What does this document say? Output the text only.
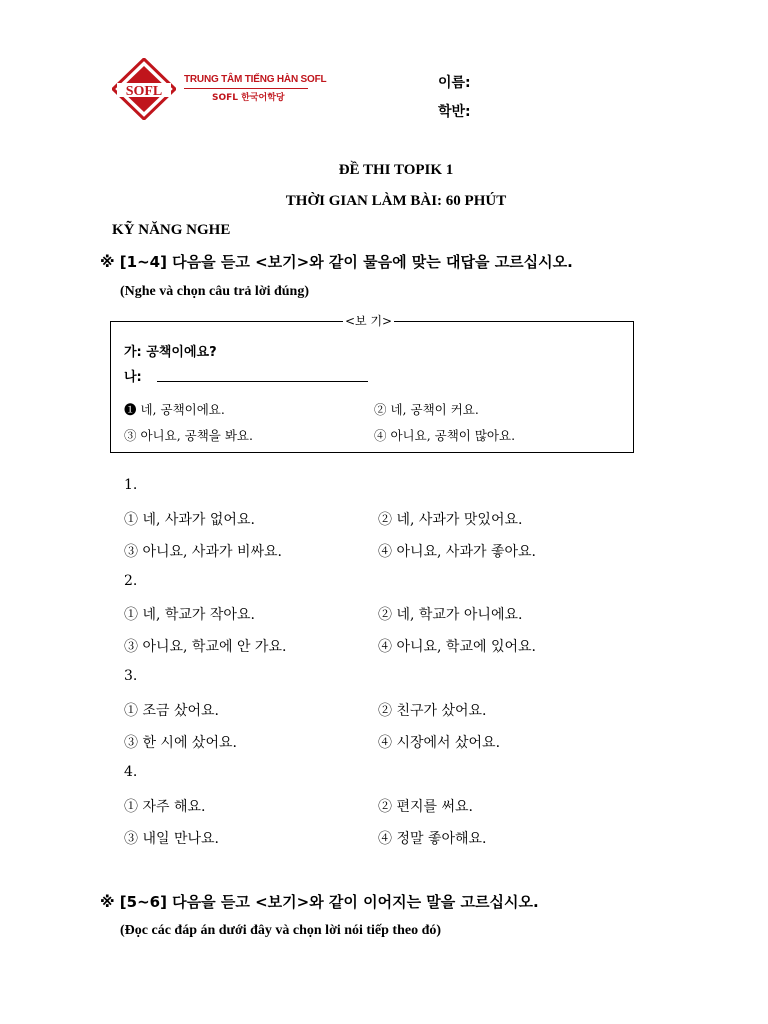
SOFL
TRUNG TÂM TIẾNG HÀN SOFL
SOFL 한국어학당
이름:
학반:
ĐỀ THI TOPIK 1
THỜI GIAN LÀM BÀI: 60 PHÚT
KỸ NĂNG NGHE
※ [1~4] 다음을 듣고 <보기>와 같이 물음에 맞는 대답을 고르십시오.
(Nghe và chọn câu trả lời đúng)
<보 기>
가: 공책이에요?
나:
❶ 네, 공책이에요.	② 네, 공책이 커요.
③ 아니요, 공책을 봐요.	④ 아니요, 공책이 많아요.
1.
① 네, 사과가 없어요.	② 네, 사과가 맛있어요.
③ 아니요, 사과가 비싸요.	④ 아니요, 사과가 좋아요.
2.
① 네, 학교가 작아요.	② 네, 학교가 아니에요.
③ 아니요, 학교에 안 가요.	④ 아니요, 학교에 있어요.
3.
① 조금 샀어요.	② 친구가 샀어요.
③ 한 시에 샀어요.	④ 시장에서 샀어요.
4.
① 자주 해요.	② 편지를 써요.
③ 내일 만나요.	④ 정말 좋아해요.
※ [5~6] 다음을 듣고 <보기>와 같이 이어지는 말을 고르십시오.
(Đọc các đáp án dưới đây và chọn lời nói tiếp theo đó)
